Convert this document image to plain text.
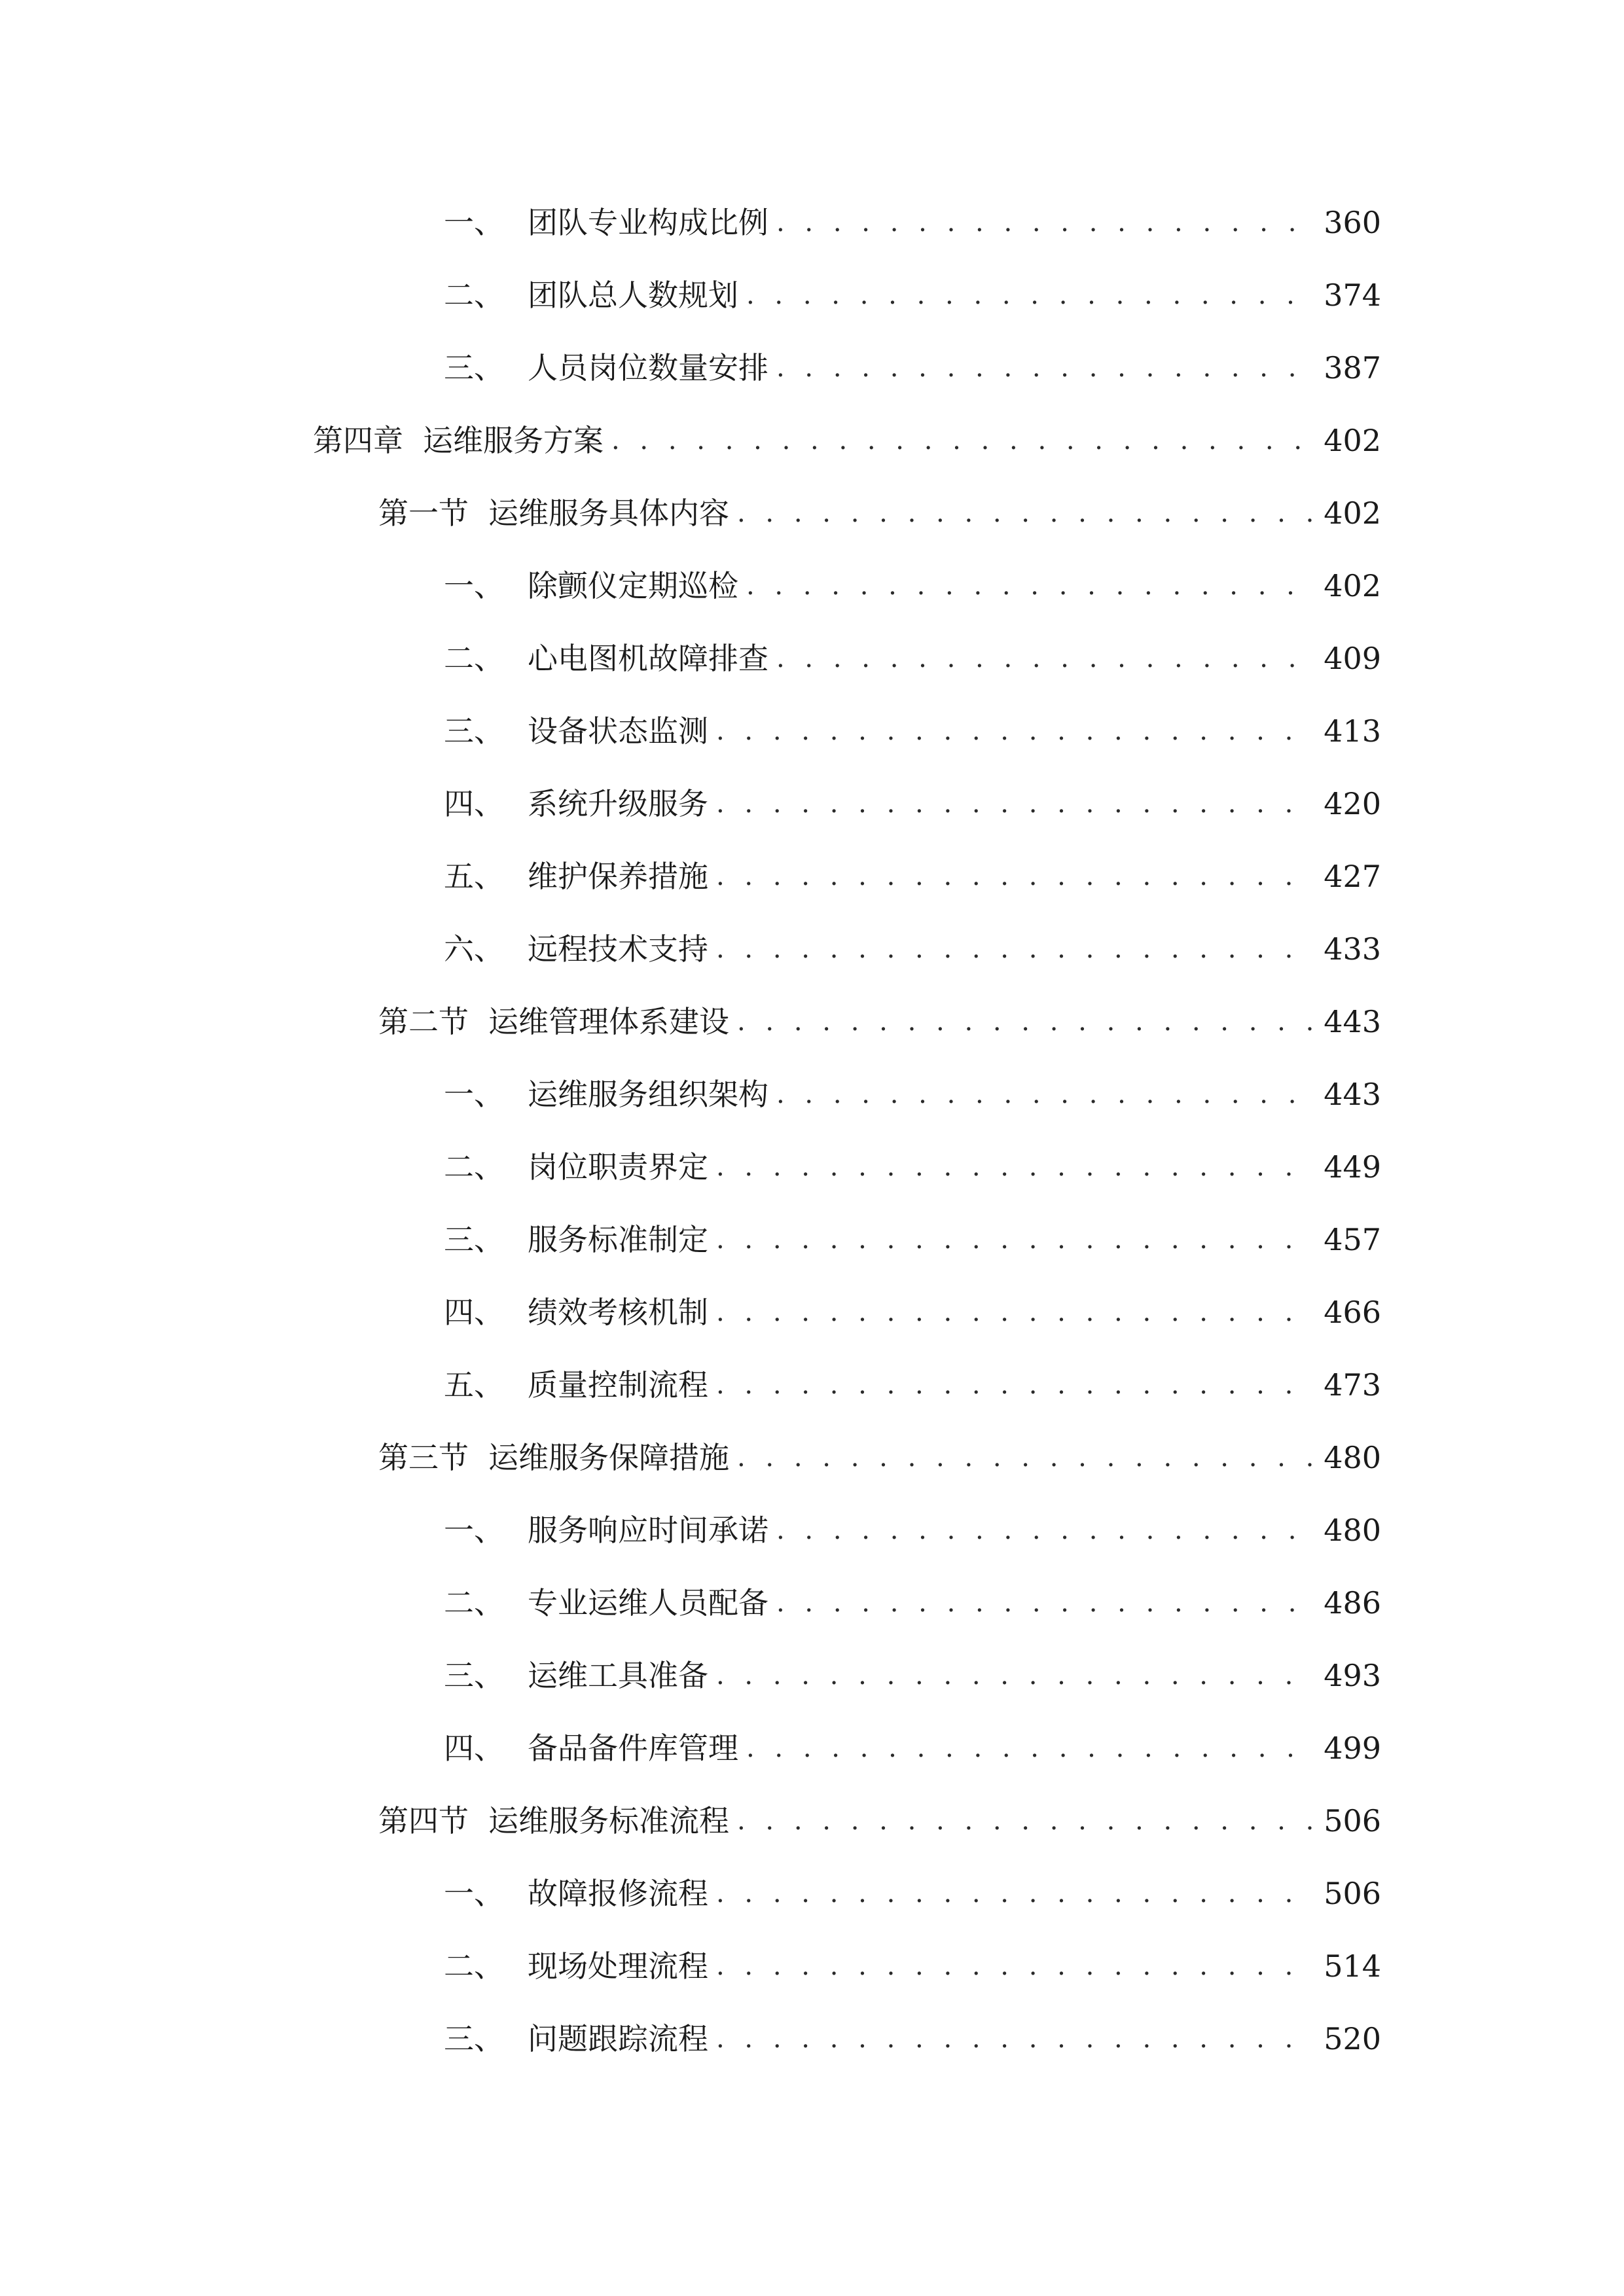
一、 团队专业构成比例 . . .	360
二、 团队总人数规划 . . .	374
三、 人员岗位数量安排 . . .	387
第四章 运维服务方案 . . .	402
第一节 运维服务具体内容 . . .	402
一、 除颤仪定期巡检 . . .	402
二、 心电图机故障排查 . . .	409
三、 设备状态监测 . . .	413
四、 系统升级服务 . . .	420
五、 维护保养措施 . . .	427
六、 远程技术支持 . . .	433
第二节 运维管理体系建设 . . .	443
一、 运维服务组织架构 . . .	443
二、 岗位职责界定 . . .	449
三、 服务标准制定 . . .	457
四、 绩效考核机制 . . .	466
五、 质量控制流程 . . .	473
第三节 运维服务保障措施 . . .	480
一、 服务响应时间承诺 . . .	480
二、 专业运维人员配备 . . .	486
三、 运维工具准备 . . .	493
四、 备品备件库管理 . . .	499
第四节 运维服务标准流程 . . .	506
一、 故障报修流程 . . .	506
二、 现场处理流程 . . .	514
三、 问题跟踪流程 . . .	520
